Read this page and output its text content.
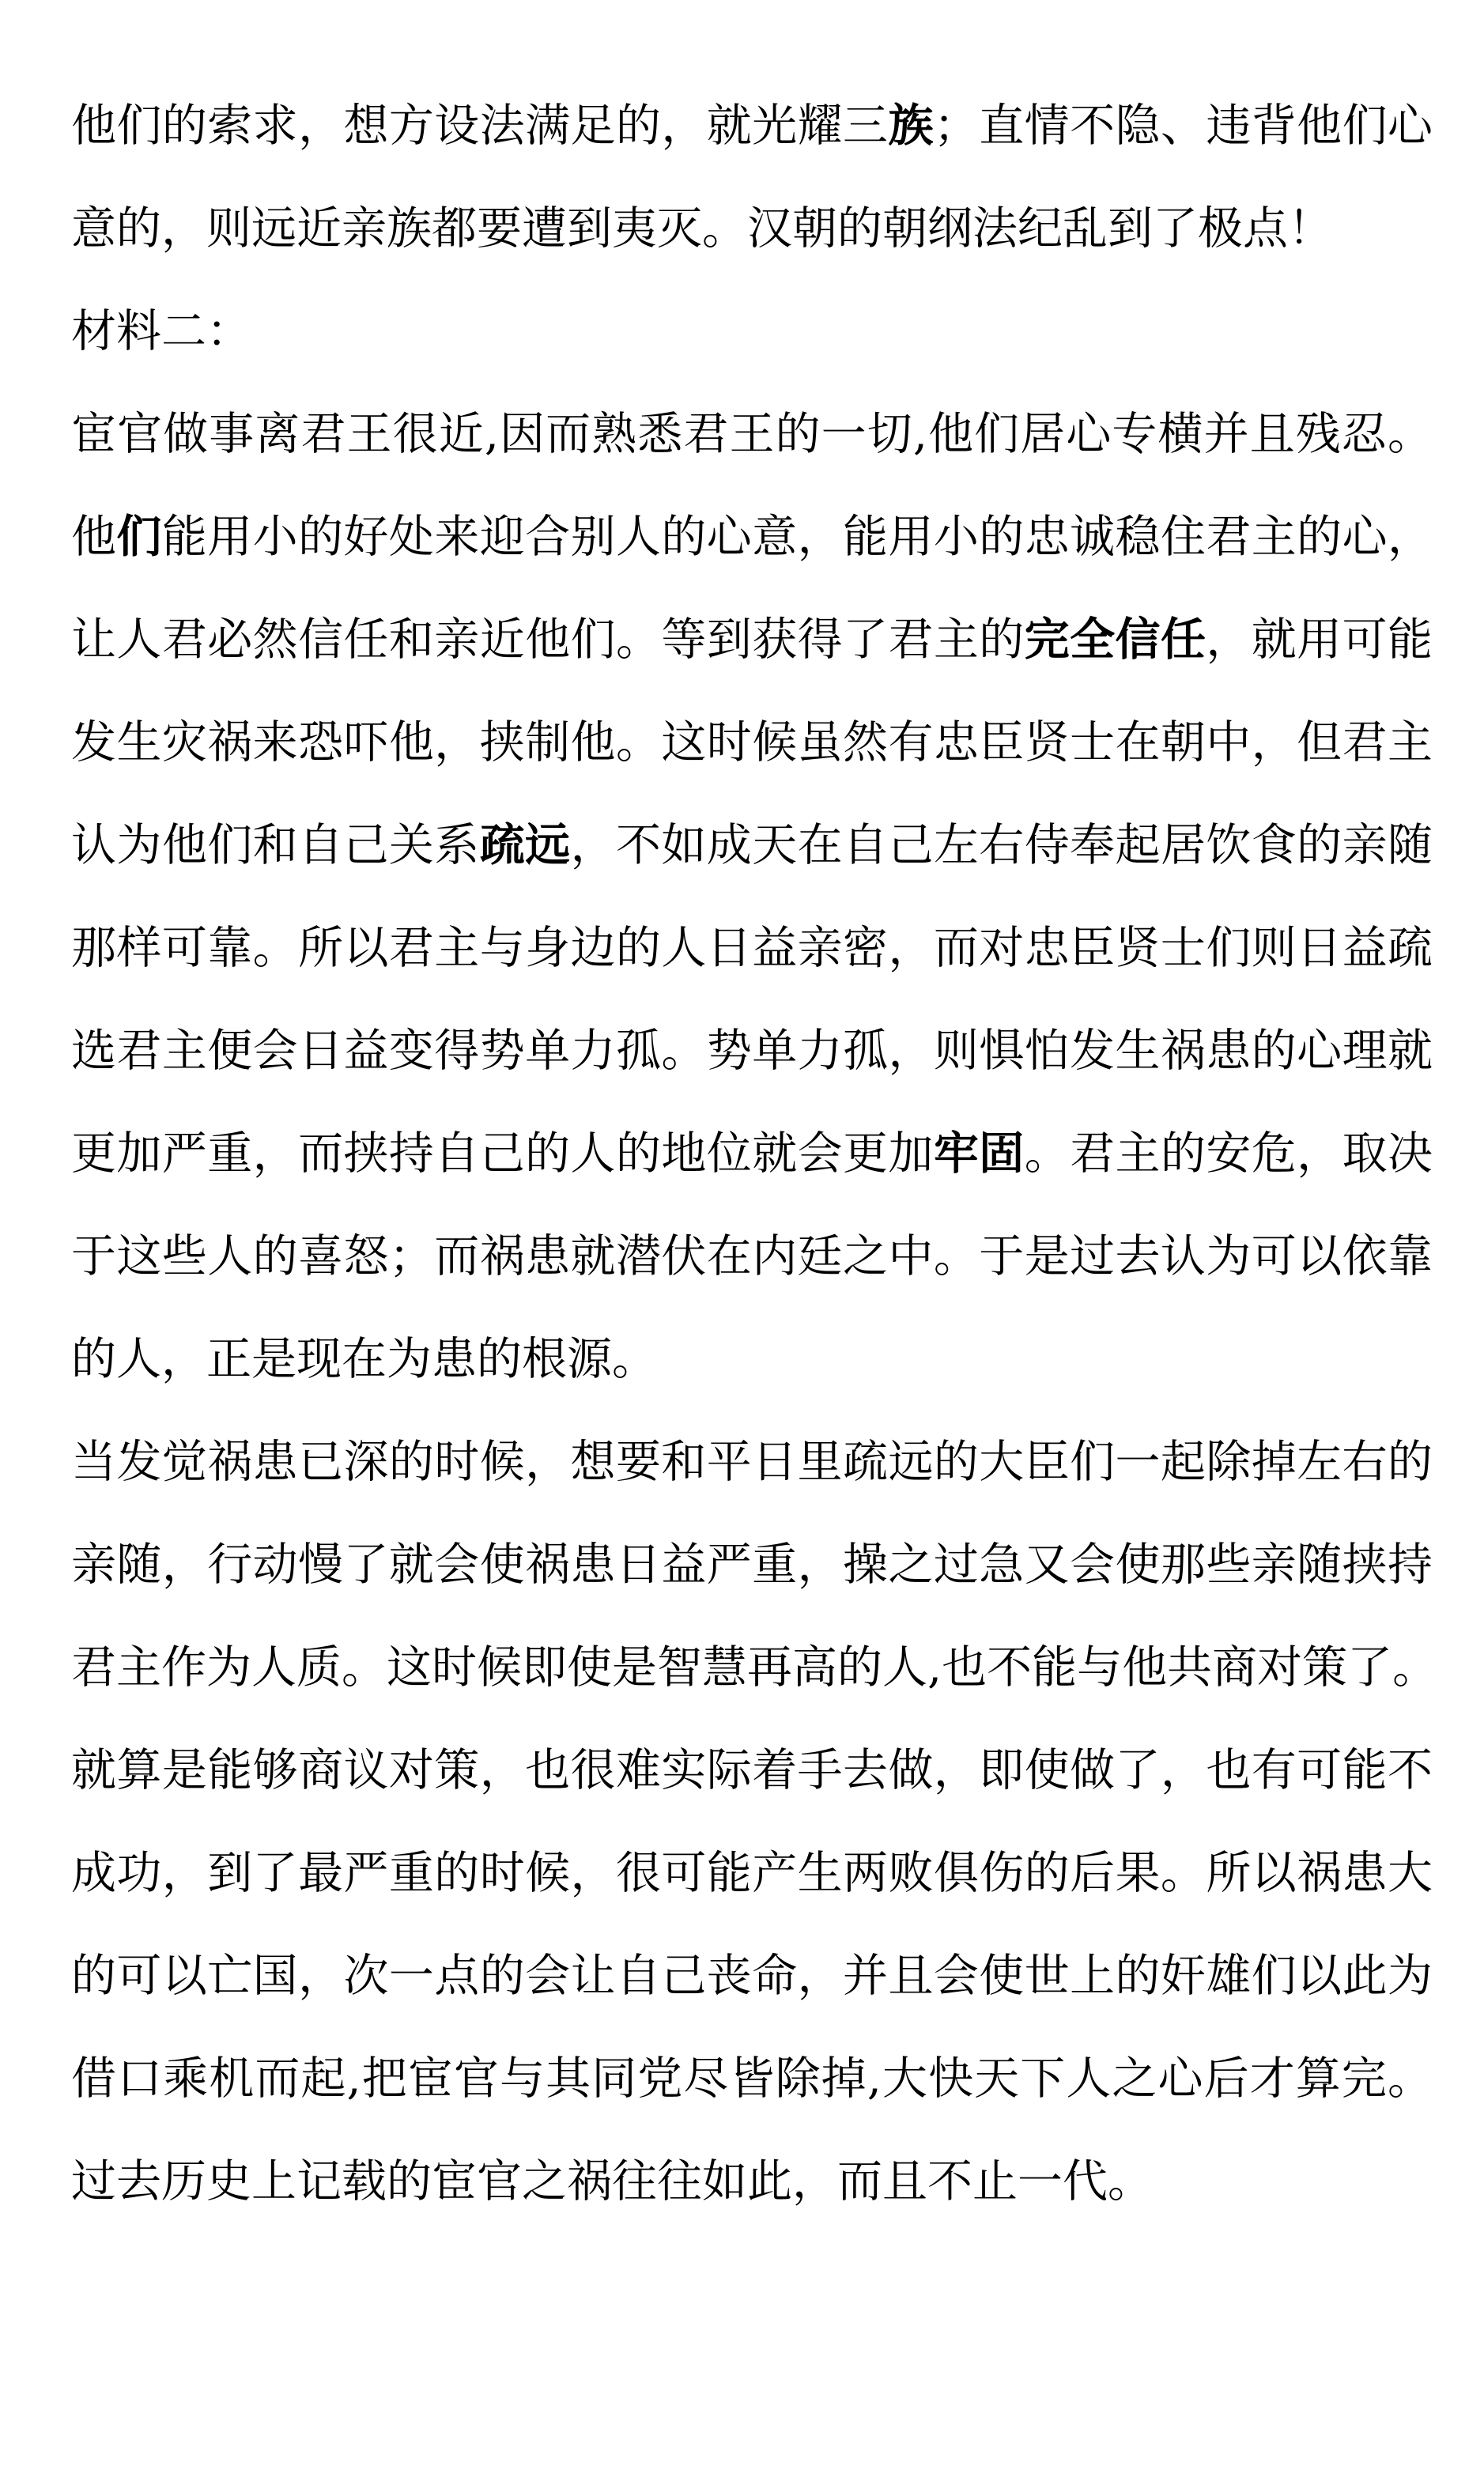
他们的索求，想方设法满足的，就光耀三族；直情不隐、违背他们心
意的，则远近亲族都要遭到夷灭。汉朝的朝纲法纪乱到了极点！
材料二：
宦官做事离君王很近,因而熟悉君王的一切,他们居心专横并且残忍。
他们能用小的好处来迎合别人的心意，能用小的忠诚稳住君主的心，
让人君必然信任和亲近他们。等到获得了君主的完全信任，就用可能
发生灾祸来恐吓他，挟制他。这时候虽然有忠臣贤士在朝中，但君主
认为他们和自己关系疏远，不如成天在自己左右侍奉起居饮食的亲随
那样可靠。所以君主与身边的人日益亲密，而对忠臣贤士们则日益疏
选君主便会日益变得势单力孤。势单力孤，则惧怕发生祸患的心理就
更加严重，而挟持自己的人的地位就会更加牢固。君主的安危，取决
于这些人的喜怒；而祸患就潜伏在内廷之中。于是过去认为可以依靠
的人，正是现在为患的根源。
当发觉祸患已深的时候，想要和平日里疏远的大臣们一起除掉左右的
亲随，行动慢了就会使祸患日益严重，操之过急又会使那些亲随挟持
君主作为人质。这时候即使是智慧再高的人,也不能与他共商对策了。
就算是能够商议对策，也很难实际着手去做，即使做了，也有可能不
成功，到了最严重的时候，很可能产生两败俱伤的后果。所以祸患大
的可以亡国，次一点的会让自己丧命，并且会使世上的奸雄们以此为
借口乘机而起,把宦官与其同党尽皆除掉,大快天下人之心后才算完。
过去历史上记载的宦官之祸往往如此，而且不止一代。
